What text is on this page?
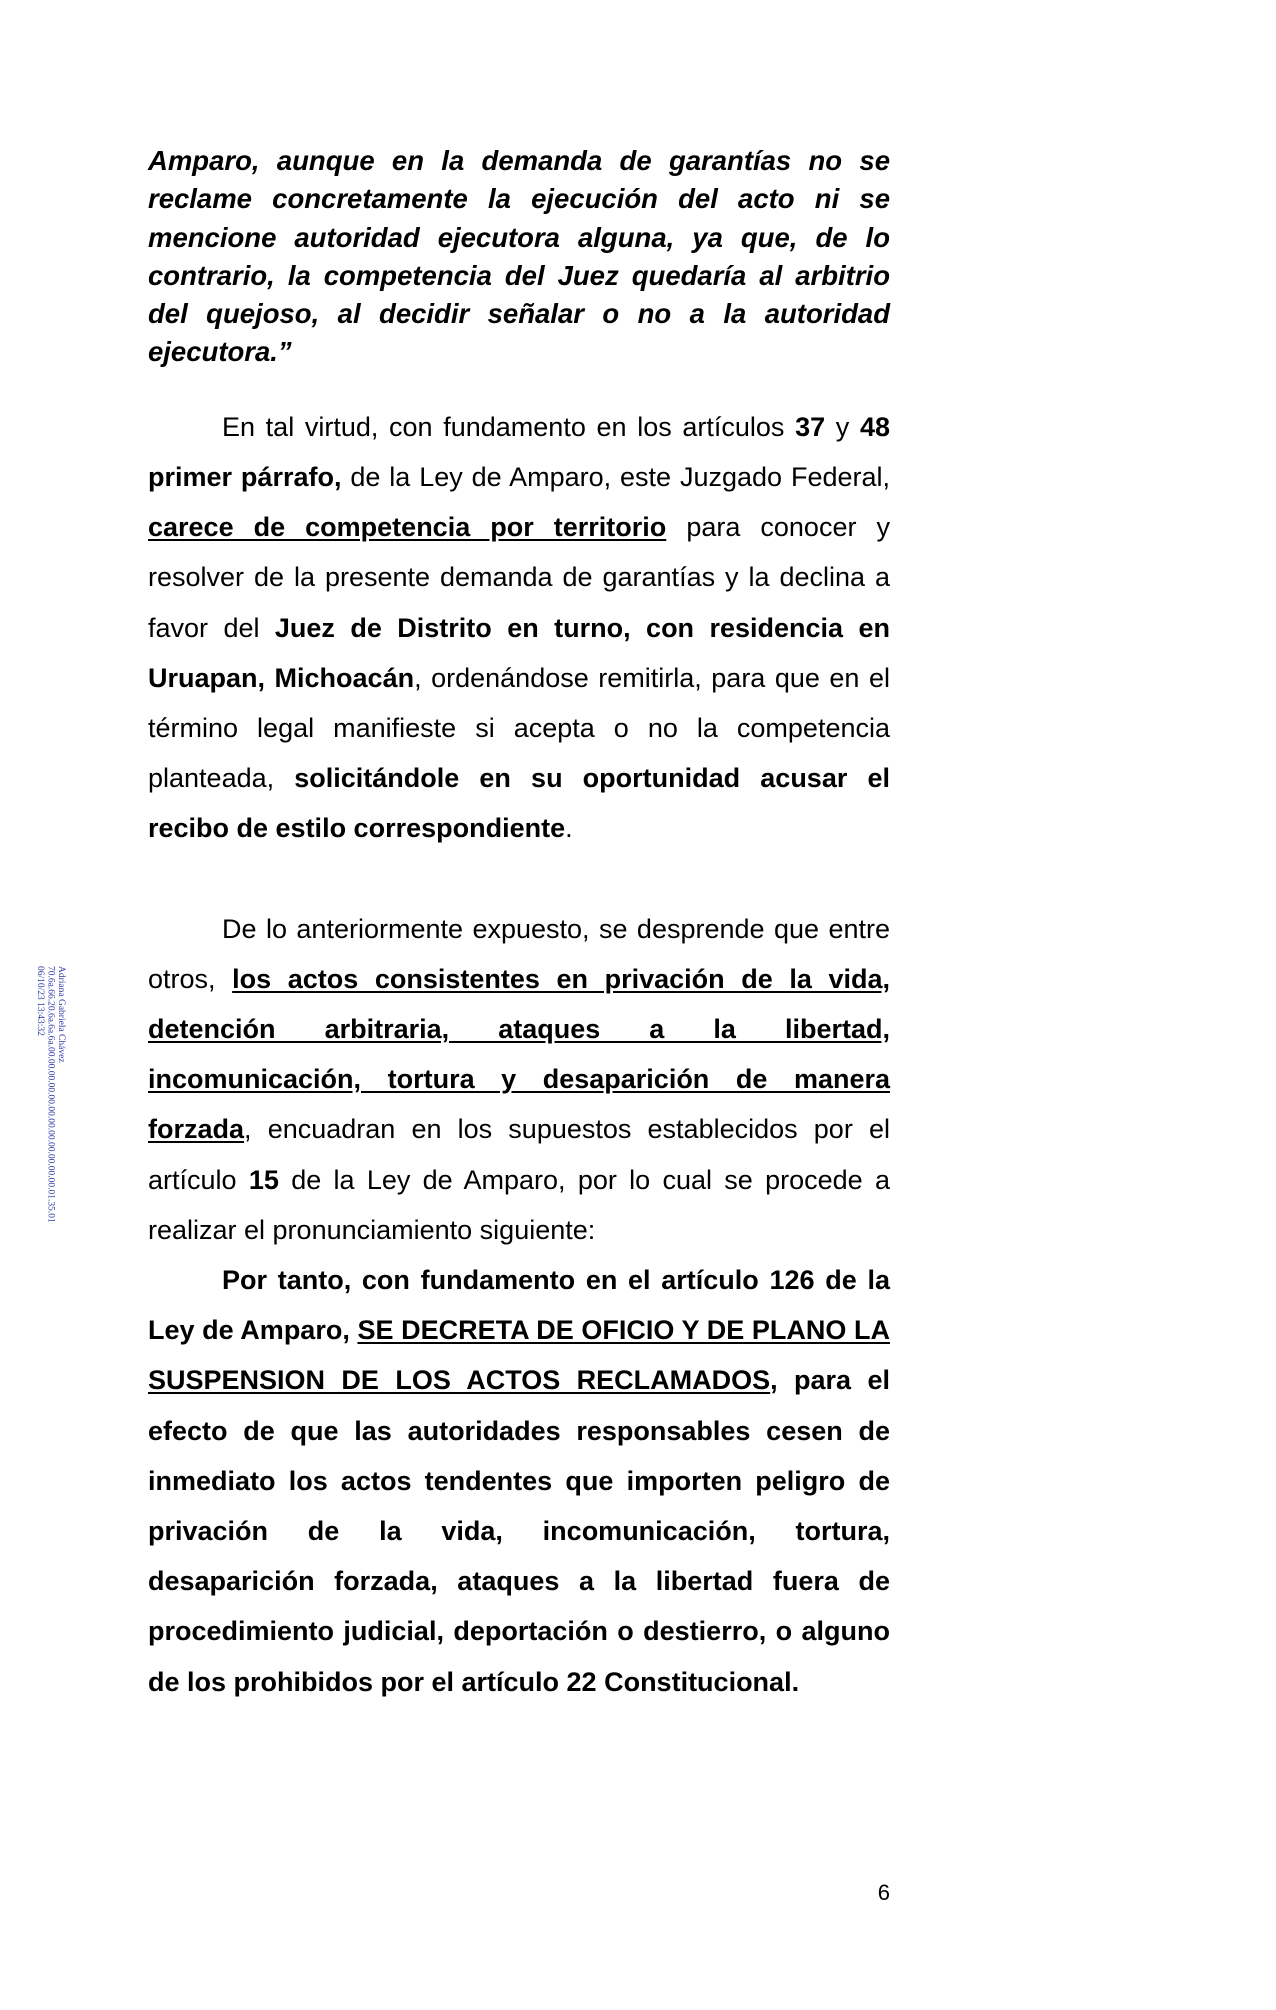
Adriana Gabriela Chávez
70.6a.66.20.6a.6a.6a.00.00.00.00.00.00.00.00.00.00.00.00.01.35.01
06/10/23 13:43:32

Amparo, aunque en la demanda de garantías no se reclame concretamente la ejecución del acto ni se mencione autoridad ejecutora alguna, ya que, de lo contrario, la competencia del Juez quedaría al arbitrio del quejoso, al decidir señalar o no a la autoridad ejecutora.”

En tal virtud, con fundamento en los artículos 37 y 48 primer párrafo, de la Ley de Amparo, este Juzgado Federal, carece de competencia por territorio para conocer y resolver de la presente demanda de garantías y la declina a favor del Juez de Distrito en turno, con residencia en Uruapan, Michoacán, ordenándose remitirla, para que en el término legal manifieste si acepta o no la competencia planteada, solicitándole en su oportunidad acusar el recibo de estilo correspondiente.

De lo anteriormente expuesto, se desprende que entre otros, los actos consistentes en privación de la vida, detención arbitraria, ataques a la libertad, incomunicación, tortura y desaparición de manera forzada, encuadran en los supuestos establecidos por el artículo 15 de la Ley de Amparo, por lo cual se procede a realizar el pronunciamiento siguiente:

Por tanto, con fundamento en el artículo 126 de la Ley de Amparo, SE DECRETA DE OFICIO Y DE PLANO LA SUSPENSION DE LOS ACTOS RECLAMADOS, para el efecto de que las autoridades responsables cesen de inmediato los actos tendentes que importen peligro de privación de la vida, incomunicación, tortura, desaparición forzada, ataques a la libertad fuera de procedimiento judicial, deportación o destierro, o alguno de los prohibidos por el artículo 22 Constitucional.

6
